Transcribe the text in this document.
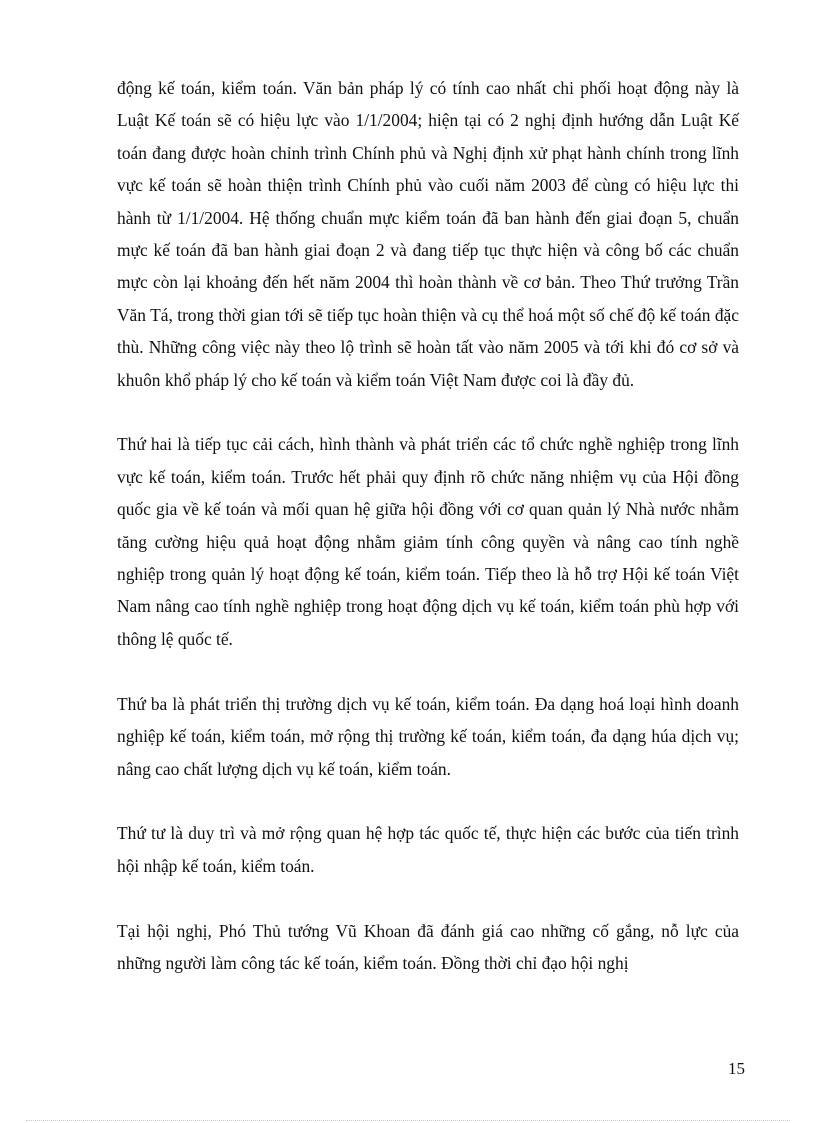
động kế toán, kiểm toán. Văn bản pháp lý có tính cao nhất chi phối hoạt động này là Luật Kế toán sẽ có hiệu lực vào 1/1/2004; hiện tại có 2 nghị định hướng dẫn Luật Kế toán đang được hoàn chỉnh trình Chính phủ và Nghị định xử phạt hành chính trong lĩnh vực kế toán sẽ hoàn thiện trình Chính phủ vào cuối năm 2003 để cùng có hiệu lực thi hành từ 1/1/2004. Hệ thống chuẩn mực kiểm toán đã ban hành đến giai đoạn 5, chuẩn mực kế toán đã ban hành giai đoạn 2 và đang tiếp tục thực hiện và công bố các chuẩn mực còn lại khoảng đến hết năm 2004 thì hoàn thành về cơ bản. Theo Thứ trưởng Trần Văn Tá, trong thời gian tới sẽ tiếp tục hoàn thiện và cụ thể hoá một số chế độ kế toán đặc thù. Những công việc này theo lộ trình sẽ hoàn tất vào năm 2005 và tới khi đó cơ sở và khuôn khổ pháp lý cho kế toán và kiểm toán Việt Nam được coi là đầy đủ.

Thứ hai là tiếp tục cải cách, hình thành và phát triển các tổ chức nghề nghiệp trong lĩnh vực kế toán, kiểm toán. Trước hết phải quy định rõ chức năng nhiệm vụ của Hội đồng quốc gia về kế toán và mối quan hệ giữa hội đồng với cơ quan quản lý Nhà nước nhằm tăng cường hiệu quả hoạt động nhằm giảm tính công quyền và nâng cao tính nghề nghiệp trong quản lý hoạt động kế toán, kiểm toán. Tiếp theo là hỗ trợ Hội kế toán Việt Nam nâng cao tính nghề nghiệp trong hoạt động dịch vụ kế toán, kiểm toán phù hợp với thông lệ quốc tế.

Thứ ba là phát triển thị trường dịch vụ kế toán, kiểm toán. Đa dạng hoá loại hình doanh nghiệp kế toán, kiểm toán, mở rộng thị trường kế toán, kiểm toán, đa dạng húa dịch vụ; nâng cao chất lượng dịch vụ kế toán, kiểm toán.

Thứ tư là duy trì và mở rộng quan hệ hợp tác quốc tế, thực hiện các bước của tiến trình hội nhập kế toán, kiểm toán.

Tại hội nghị, Phó Thủ tướng Vũ Khoan đã đánh giá cao những cố gắng, nỗ lực của những người làm công tác kế toán, kiểm toán. Đồng thời chỉ đạo hội nghị

15
